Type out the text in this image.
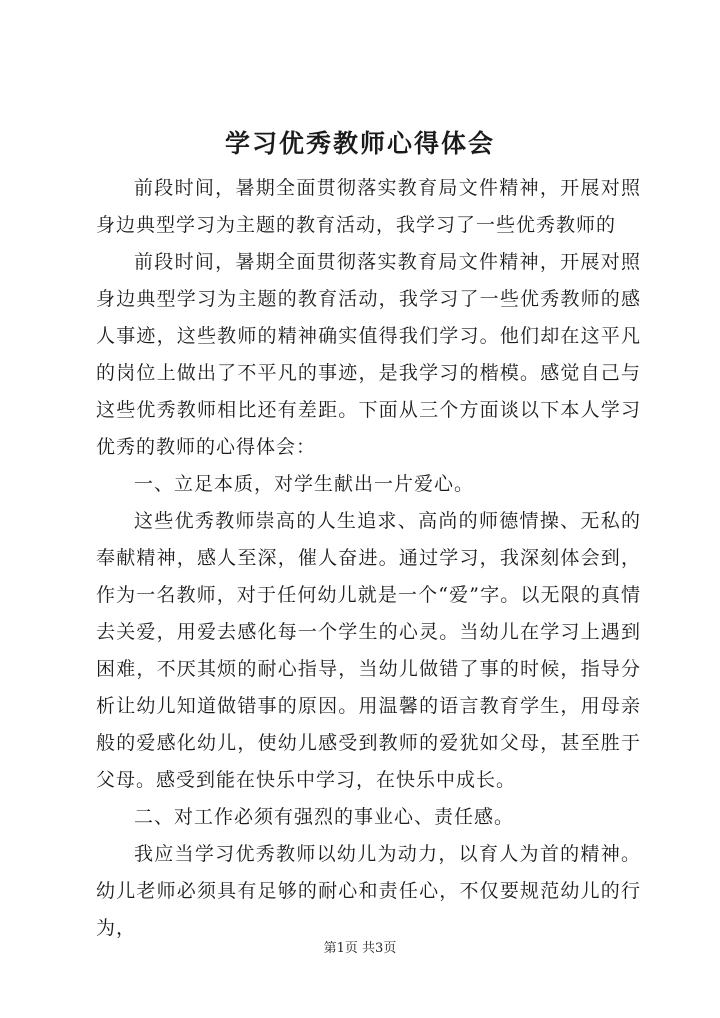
学习优秀教师心得体会

前段时间，暑期全面贯彻落实教育局文件精神，开展对照身边典型学习为主题的教育活动，我学习了一些优秀教师的

前段时间，暑期全面贯彻落实教育局文件精神，开展对照身边典型学习为主题的教育活动，我学习了一些优秀教师的感人事迹，这些教师的精神确实值得我们学习。他们却在这平凡的岗位上做出了不平凡的事迹，是我学习的楷模。感觉自己与这些优秀教师相比还有差距。下面从三个方面谈以下本人学习优秀的教师的心得体会：

一、立足本质，对学生献出一片爱心。

这些优秀教师崇高的人生追求、高尚的师德情操、无私的奉献精神，感人至深，催人奋进。通过学习，我深刻体会到，作为一名教师，对于任何幼儿就是一个“爱”字。以无限的真情去关爱，用爱去感化每一个学生的心灵。当幼儿在学习上遇到困难，不厌其烦的耐心指导，当幼儿做错了事的时候，指导分析让幼儿知道做错事的原因。用温馨的语言教育学生，用母亲般的爱感化幼儿，使幼儿感受到教师的爱犹如父母，甚至胜于父母。感受到能在快乐中学习，在快乐中成长。

二、对工作必须有强烈的事业心、责任感。

我应当学习优秀教师以幼儿为动力，以育人为首的精神。幼儿老师必须具有足够的耐心和责任心，不仅要规范幼儿的行为，

第1页 共3页
